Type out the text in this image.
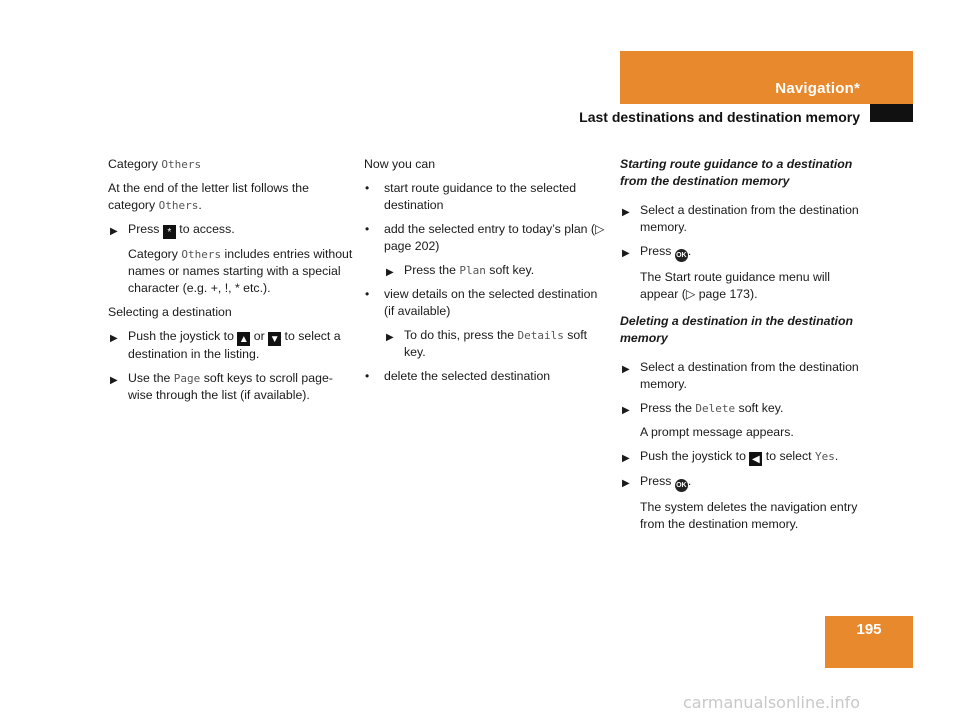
Navigation*
Last destinations and destination memory

Category Others

At the end of the letter list follows the category Others.

▶ Press * to access.
Category Others includes entries without names or names starting with a special character (e.g. +, !, * etc.).

Selecting a destination

▶ Push the joystick to ▲ or ▼ to select a destination in the listing.
▶ Use the Page soft keys to scroll page-wise through the list (if available).

Now you can

• start route guidance to the selected destination
• add the selected entry to today’s plan (▷ page 202)
▶ Press the Plan soft key.
• view details on the selected destination (if available)
▶ To do this, press the Details soft key.
• delete the selected destination

Starting route guidance to a destination from the destination memory

▶ Select a destination from the destination memory.
▶ Press OK.
The Start route guidance menu will appear (▷ page 173).

Deleting a destination in the destination memory

▶ Select a destination from the destination memory.
▶ Press the Delete soft key.
A prompt message appears.
▶ Push the joystick to ◀ to select Yes.
▶ Press OK.
The system deletes the navigation entry from the destination memory.
195
carmanualsonline.info
